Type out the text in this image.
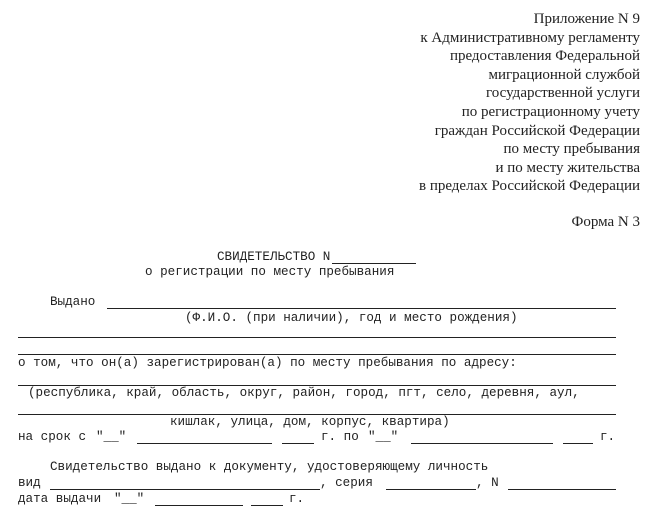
Приложение N 9
к Административному регламенту
предоставления Федеральной
миграционной службой
государственной услуги
по регистрационному учету
граждан Российской Федерации
по месту пребывания
и по месту жительства
в пределах Российской Федерации
Форма N 3
СВИДЕТЕЛЬСТВО N
о регистрации по месту пребывания
Выдано
(Ф.И.О. (при наличии), год и место рождения)
о том, что он(а) зарегистрирован(а) по месту пребывания по адресу:
(республика, край, область, округ, район, город, пгт, село, деревня, аул,
кишлак, улица, дом, корпус, квартира)
на срок с "__"	г. по "__"	г.
Свидетельство выдано к документу, удостоверяющему личность
вид	, серия	, N
дата выдачи "__"	г.
